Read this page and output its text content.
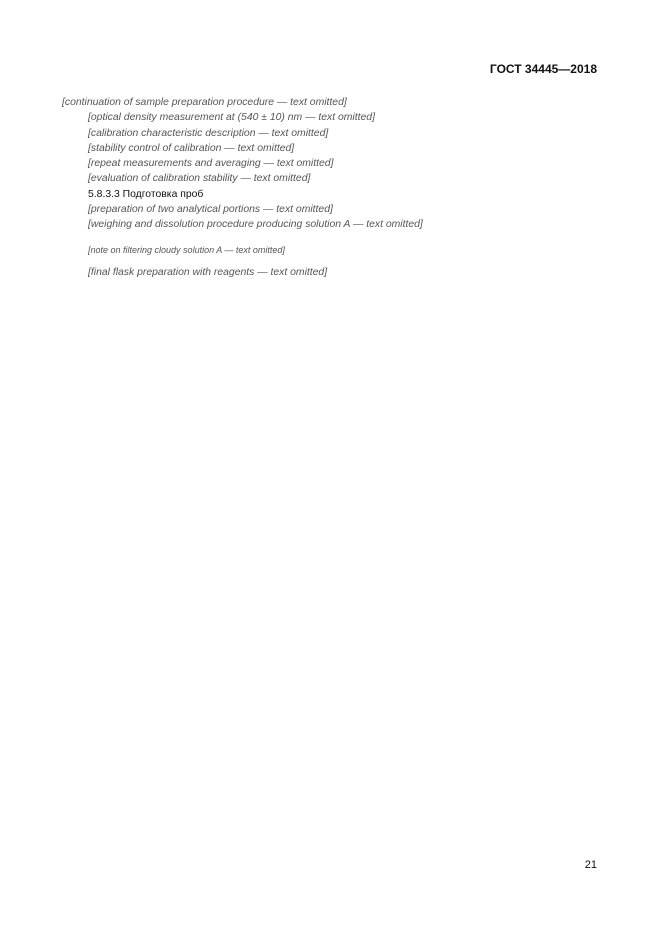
ГОСТ 34445—2018

[continuation of sample preparation procedure — text omitted]

[optical density measurement at (540 ± 10) nm — text omitted]

[calibration characteristic description — text omitted]

[stability control of calibration — text omitted]

[repeat measurements and averaging — text omitted]

[evaluation of calibration stability — text omitted]

5.8.3.3 Подготовка проб

[preparation of two analytical portions — text omitted]

[weighing and dissolution procedure producing solution A — text omitted]

[note on filtering cloudy solution A — text omitted]

[final flask preparation with reagents — text omitted]

21
